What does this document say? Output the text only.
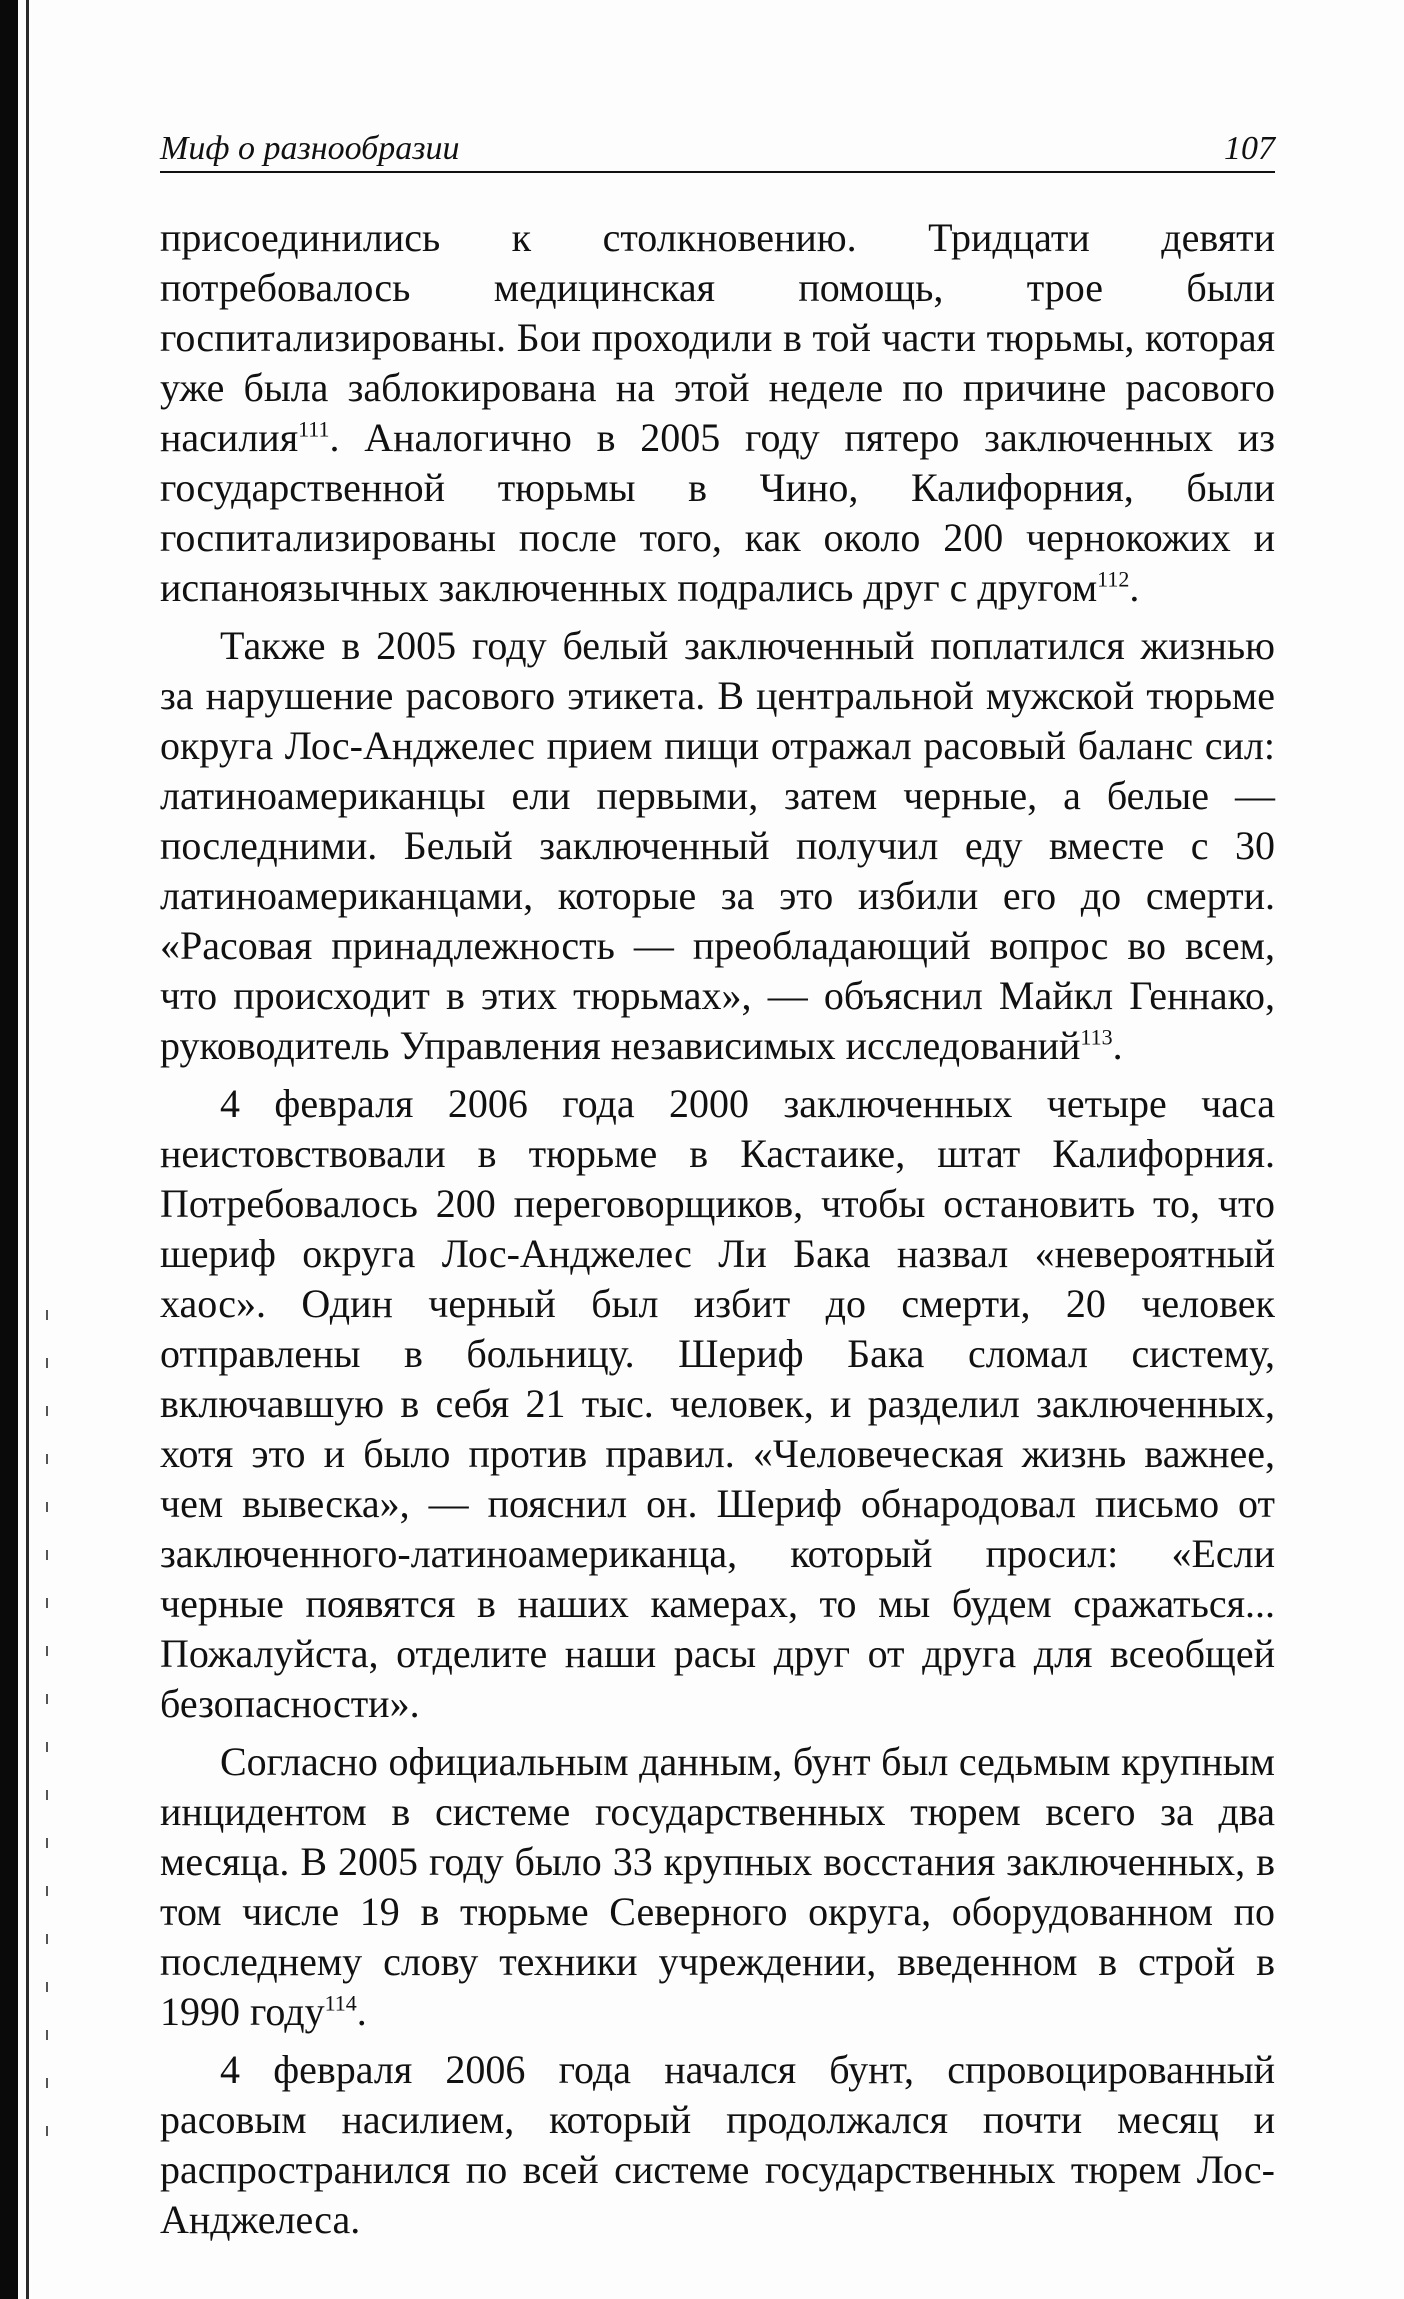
Миф о разнообразии	107

присоединились к столкновению. Тридцати девяти потребовалось медицинская помощь, трое были госпитализированы. Бои проходили в той части тюрьмы, которая уже была заблокирована на этой неделе по причине расового насилия$^{111}$. Аналогично в 2005 году пятеро заключенных из государственной тюрьмы в Чино, Калифорния, были госпитализированы после того, как около 200 чернокожих и испаноязычных заключенных подрались друг с другом$^{112}$.

Также в 2005 году белый заключенный поплатился жизнью за нарушение расового этикета. В центральной мужской тюрьме округа Лос-Анджелес прием пищи отражал расовый баланс сил: латиноамериканцы ели первыми, затем черные, а белые — последними. Белый заключенный получил еду вместе с 30 латиноамериканцами, которые за это избили его до смерти. «Расовая принадлежность — преобладающий вопрос во всем, что происходит в этих тюрьмах», — объяснил Майкл Геннако, руководитель Управления независимых исследований$^{113}$.

4 февраля 2006 года 2000 заключенных четыре часа неистовствовали в тюрьме в Кастаике, штат Калифорния. Потребовалось 200 переговорщиков, чтобы остановить то, что шериф округа Лос-Анджелес Ли Бака назвал «невероятный хаос». Один черный был избит до смерти, 20 человек отправлены в больницу. Шериф Бака сломал систему, включавшую в себя 21 тыс. человек, и разделил заключенных, хотя это и было против правил. «Человеческая жизнь важнее, чем вывеска», — пояснил он. Шериф обнародовал письмо от заключенного-латиноамериканца, который просил: «Если черные появятся в наших камерах, то мы будем сражаться... Пожалуйста, отделите наши расы друг от друга для всеобщей безопасности».

Согласно официальным данным, бунт был седьмым крупным инцидентом в системе государственных тюрем всего за два месяца. В 2005 году было 33 крупных восстания заключенных, в том числе 19 в тюрьме Северного округа, оборудованном по последнему слову техники учреждении, введенном в строй в 1990 году$^{114}$.

4 февраля 2006 года начался бунт, спровоцированный расовым насилием, который продолжался почти месяц и распространился по всей системе государственных тюрем Лос-Анджелеса.
